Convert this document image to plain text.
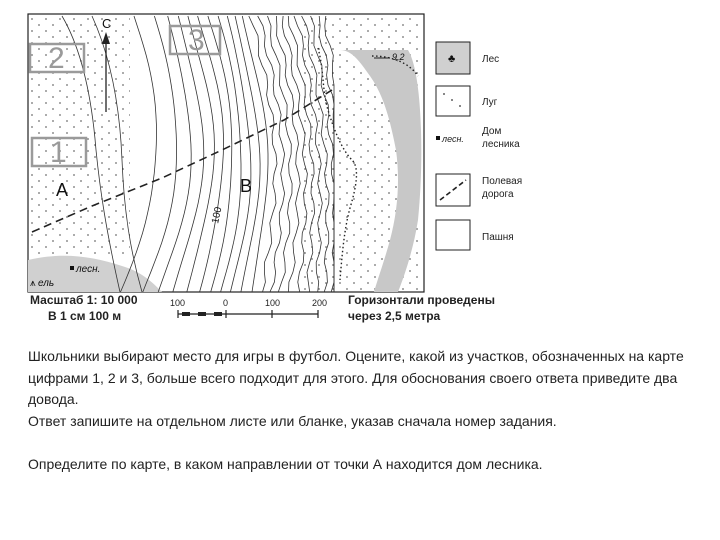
100
С
2
3
1
А	В
9,2
лесн.
⩚ ель
♣	Лес
Луг
лесн.
Дом
лесника
Полевая
дорога
Пашня
Масштаб 1: 10 000
В 1 см 100 м
100	0	100	200 Горизонтали проведены
через 2,5 метра

Школьники выбирают место для игры в футбол. Оцените, какой из участков, обозначенных на карте цифрами 1, 2 и 3, больше всего подходит для этого. Для обоснования своего ответа приведите два довода.

Ответ запишите на отдельном листе или бланке, указав сначала номер задания.

Определите по карте, в каком направлении от точки А находится дом лесника.
